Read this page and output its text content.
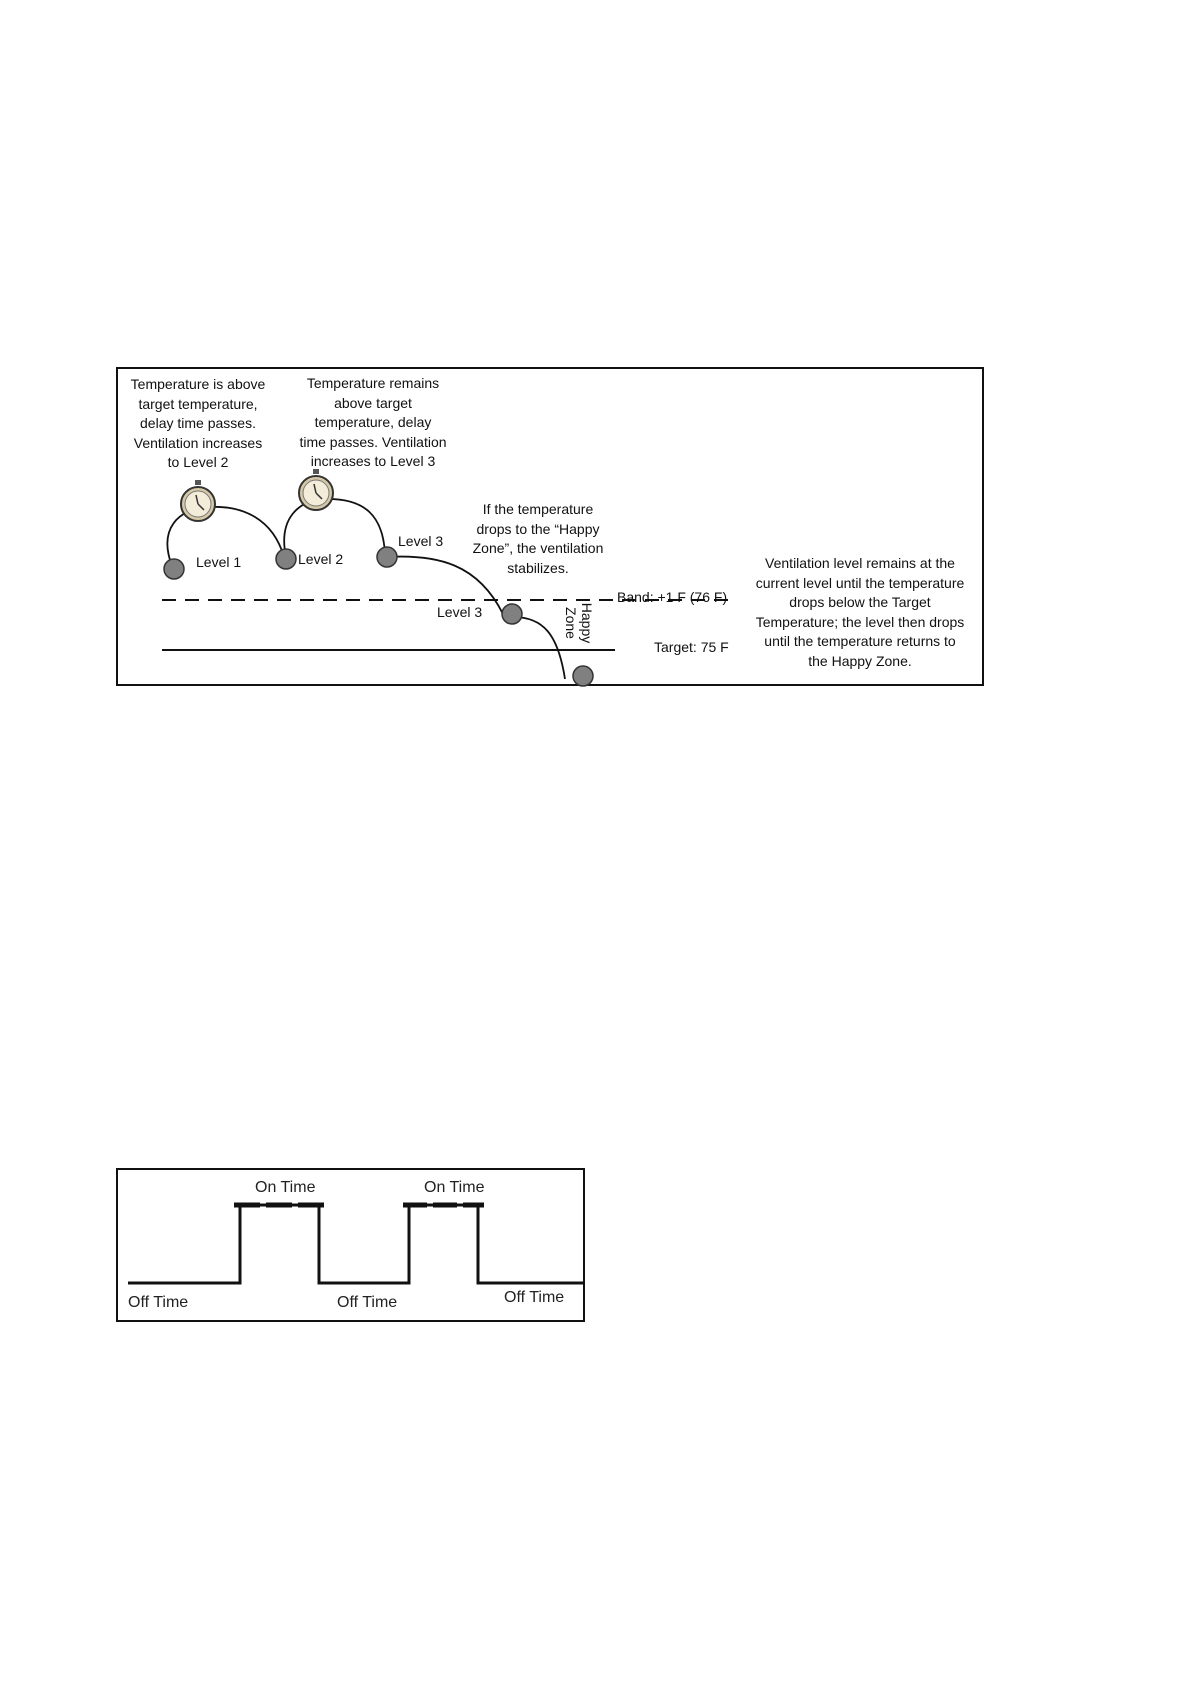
Temperature is above
target temperature,
delay time passes.
Ventilation increases
to Level 2
Temperature remains
above target
temperature, delay
time passes. Ventilation
increases to Level 3
If the temperature
drops to the “Happy
Zone”, the ventilation
stabilizes.	Ventilation level remains at the
current level until the temperature
drops below the Target
Temperature; the level then drops
until the temperature returns to
the Happy Zone.
Level 1	Level 2
Level 3
Level 3	Happy
Zone
Band: +1 F (76 F)
Target: 75 F
On Time	On Time
Off Time	Off Time	Off Time
